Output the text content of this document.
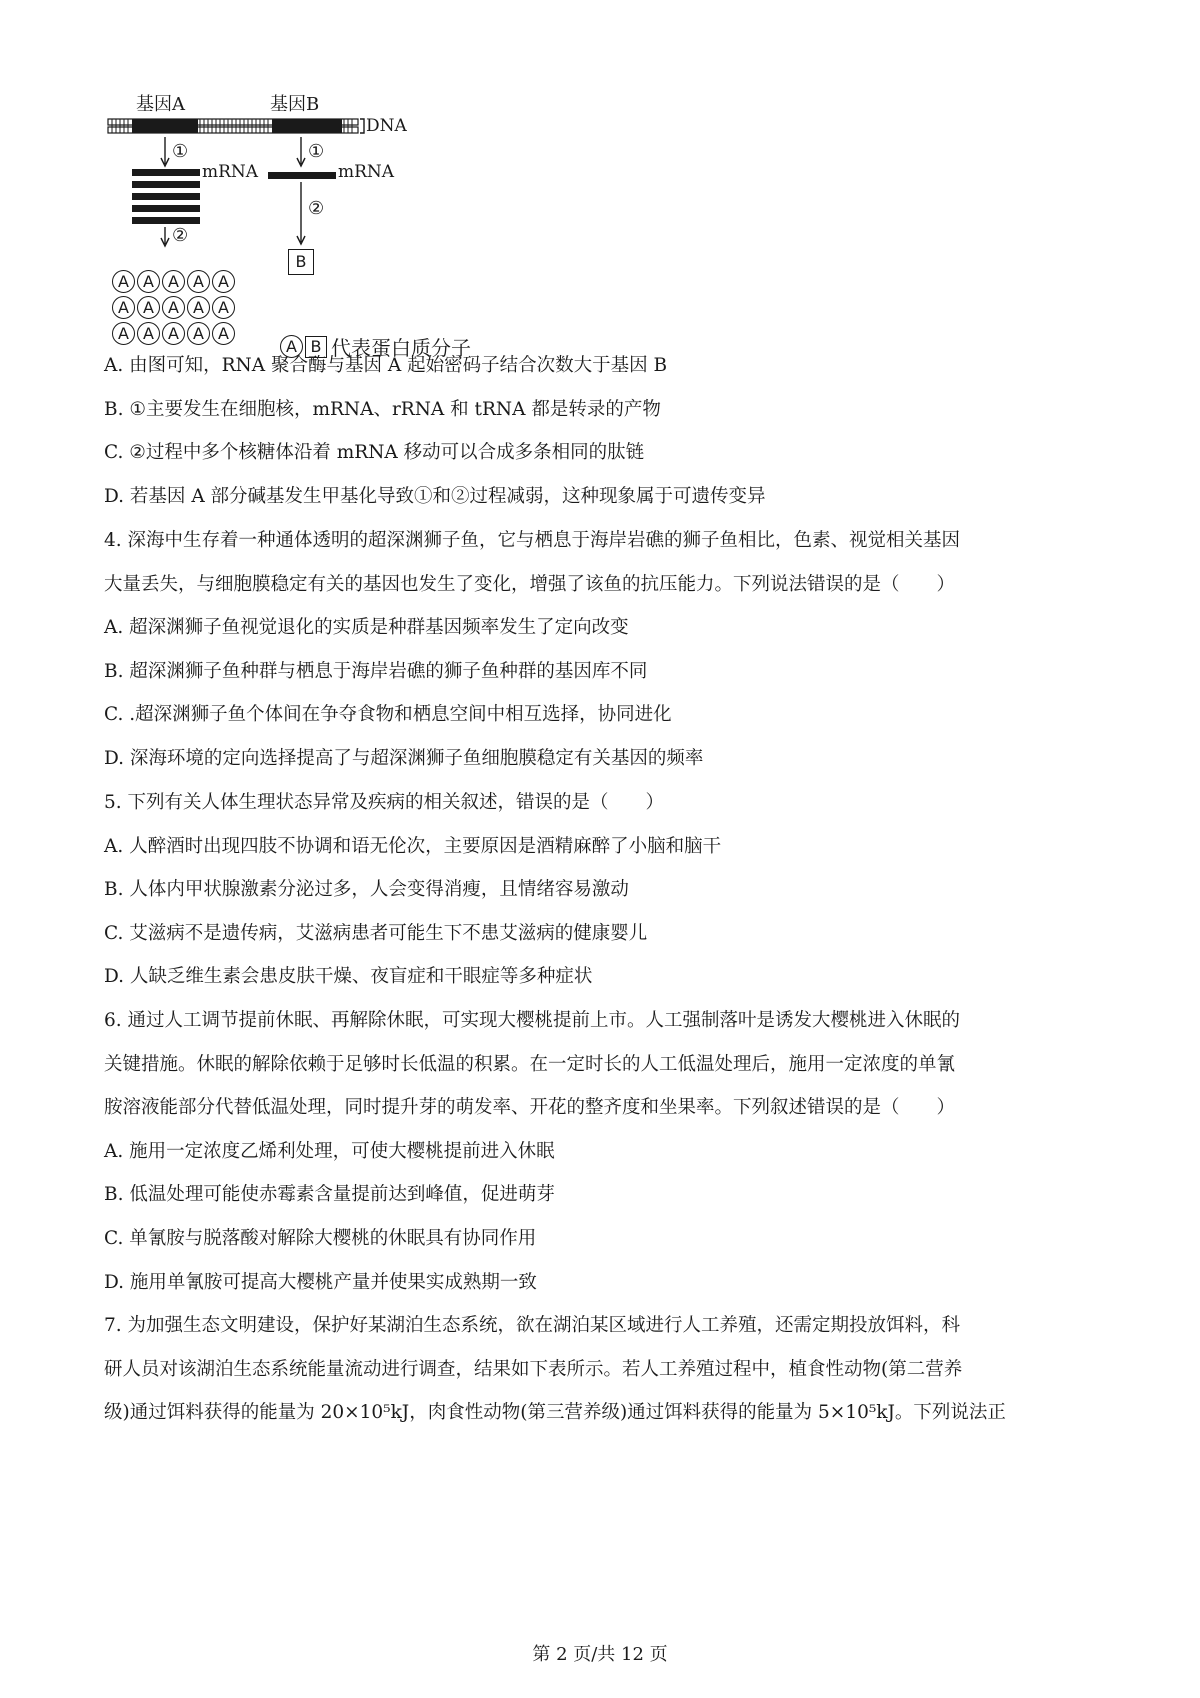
基因A	基因B
DNA
①	①
mRNA	mRNA
②
②
A A A A A
A A A A A
A A A A A
B
A B 代表蛋白质分子
A. 由图可知，RNA 聚合酶与基因 A 起始密码子结合次数大于基因 B
B. ①主要发生在细胞核，mRNA、rRNA 和 tRNA 都是转录的产物
C. ②过程中多个核糖体沿着 mRNA 移动可以合成多条相同的肽链
D. 若基因 A 部分碱基发生甲基化导致①和②过程减弱，这种现象属于可遗传变异
4. 深海中生存着一种通体透明的超深渊狮子鱼，它与栖息于海岸岩礁的狮子鱼相比，色素、视觉相关基因
大量丢失，与细胞膜稳定有关的基因也发生了变化，增强了该鱼的抗压能力。下列说法错误的是（　　）
A. 超深渊狮子鱼视觉退化的实质是种群基因频率发生了定向改变
B. 超深渊狮子鱼种群与栖息于海岸岩礁的狮子鱼种群的基因库不同
C. .超深渊狮子鱼个体间在争夺食物和栖息空间中相互选择，协同进化
D. 深海环境的定向选择提高了与超深渊狮子鱼细胞膜稳定有关基因的频率
5. 下列有关人体生理状态异常及疾病的相关叙述，错误的是（　　）
A. 人醉酒时出现四肢不协调和语无伦次，主要原因是酒精麻醉了小脑和脑干
B. 人体内甲状腺激素分泌过多，人会变得消瘦，且情绪容易激动
C. 艾滋病不是遗传病，艾滋病患者可能生下不患艾滋病的健康婴儿
D. 人缺乏维生素会患皮肤干燥、夜盲症和干眼症等多种症状
6. 通过人工调节提前休眠、再解除休眠，可实现大樱桃提前上市。人工强制落叶是诱发大樱桃进入休眠的
关键措施。休眠的解除依赖于足够时长低温的积累。在一定时长的人工低温处理后，施用一定浓度的单氰
胺溶液能部分代替低温处理，同时提升芽的萌发率、开花的整齐度和坐果率。下列叙述错误的是（　　）
A. 施用一定浓度乙烯利处理，可使大樱桃提前进入休眠
B. 低温处理可能使赤霉素含量提前达到峰值，促进萌芽
C. 单氰胺与脱落酸对解除大樱桃的休眠具有协同作用
D. 施用单氰胺可提高大樱桃产量并使果实成熟期一致
7. 为加强生态文明建设，保护好某湖泊生态系统，欲在湖泊某区域进行人工养殖，还需定期投放饵料，科
研人员对该湖泊生态系统能量流动进行调查，结果如下表所示。若人工养殖过程中，植食性动物(第二营养
级)通过饵料获得的能量为 20×10⁵kJ，肉食性动物(第三营养级)通过饵料获得的能量为 5×10⁵kJ。下列说法正
第 2 页/共 12 页
